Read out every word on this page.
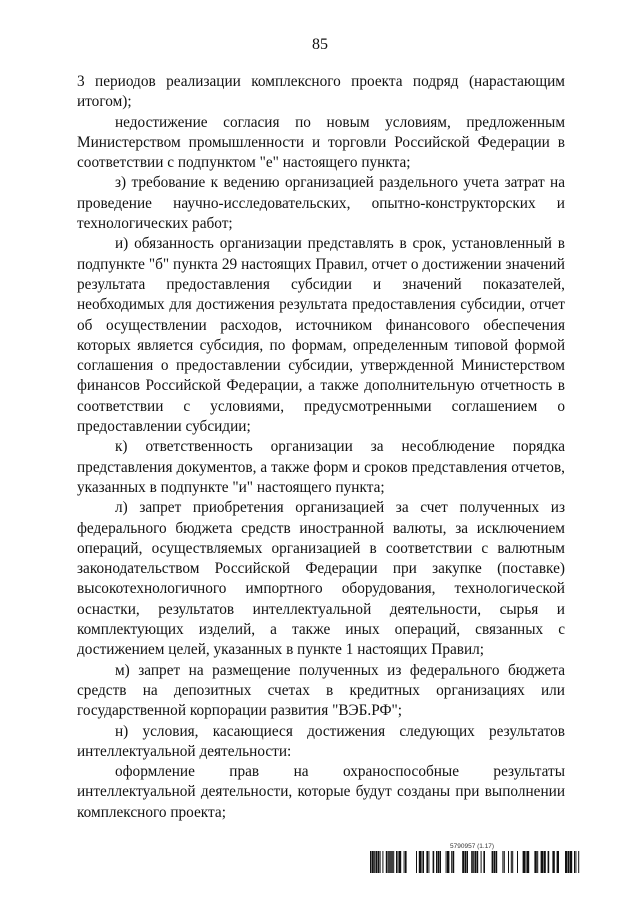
85

3 периодов реализации комплексного проекта подряд (нарастающим итогом);

недостижение согласия по новым условиям, предложенным Министерством промышленности и торговли Российской Федерации в соответствии с подпунктом "е" настоящего пункта;

з) требование к ведению организацией раздельного учета затрат на проведение научно-исследовательских, опытно-конструкторских и технологических работ;

и) обязанность организации представлять в срок, установленный в подпункте "б" пункта 29 настоящих Правил, отчет о достижении значений результата предоставления субсидии и значений показателей, необходимых для достижения результата предоставления субсидии, отчет об осуществлении расходов, источником финансового обеспечения которых является субсидия, по формам, определенным типовой формой соглашения о предоставлении субсидии, утвержденной Министерством финансов Российской Федерации, а также дополнительную отчетность в соответствии с условиями, предусмотренными соглашением о предоставлении субсидии;

к) ответственность организации за несоблюдение порядка представления документов, а также форм и сроков представления отчетов, указанных в подпункте "и" настоящего пункта;

л) запрет приобретения организацией за счет полученных из федерального бюджета средств иностранной валюты, за исключением операций, осуществляемых организацией в соответствии с валютным законодательством Российской Федерации при закупке (поставке) высокотехнологичного импортного оборудования, технологической оснастки, результатов интеллектуальной деятельности, сырья и комплектующих изделий, а также иных операций, связанных с достижением целей, указанных в пункте 1 настоящих Правил;

м) запрет на размещение полученных из федерального бюджета средств на депозитных счетах в кредитных организациях или государственной корпорации развития "ВЭБ.РФ";

н) условия, касающиеся достижения следующих результатов интеллектуальной деятельности:

оформление прав на охраноспособные результаты интеллектуальной деятельности, которые будут созданы при выполнении комплексного проекта;

5790957 (1.17)
